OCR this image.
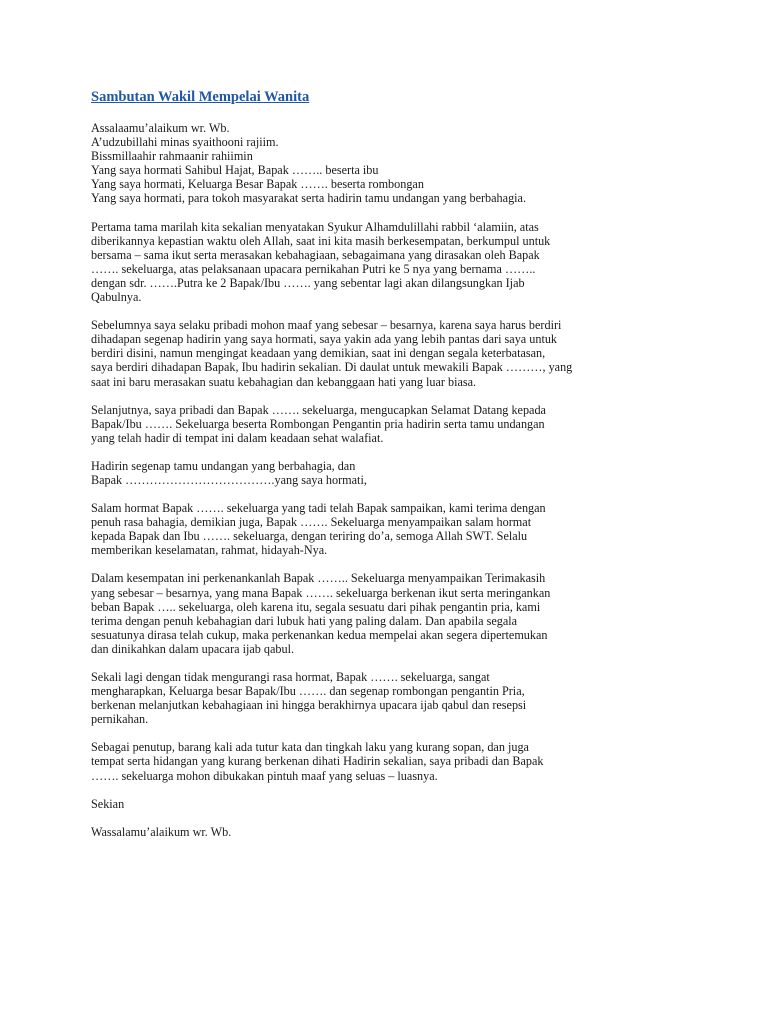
Sambutan Wakil Mempelai Wanita
Assalaamu’alaikum wr. Wb.
A’udzubillahi minas syaithooni rajiim.
Bissmillaahir rahmaanir rahiimin
Yang saya hormati Sahibul Hajat, Bapak …….. beserta ibu
Yang saya hormati, Keluarga Besar Bapak ……. beserta rombongan
Yang saya hormati, para tokoh masyarakat serta hadirin tamu undangan yang berbahagia.
Pertama tama marilah kita sekalian menyatakan Syukur Alhamdulillahi rabbil ‘alamiin, atas
diberikannya kepastian waktu oleh Allah, saat ini kita masih berkesempatan, berkumpul untuk
bersama – sama ikut serta merasakan kebahagiaan, sebagaimana yang dirasakan oleh Bapak
……. sekeluarga, atas pelaksanaan upacara pernikahan Putri ke 5 nya yang bernama ……..
dengan sdr. …….Putra ke 2 Bapak/Ibu ……. yang sebentar lagi akan dilangsungkan Ijab
Qabulnya.
Sebelumnya saya selaku pribadi mohon maaf yang sebesar – besarnya, karena saya harus berdiri
dihadapan segenap hadirin yang saya hormati, saya yakin ada yang lebih pantas dari saya untuk
berdiri disini, namun mengingat keadaan yang demikian, saat ini dengan segala keterbatasan,
saya berdiri dihadapan Bapak, Ibu hadirin sekalian. Di daulat untuk mewakili Bapak ………, yang
saat ini baru merasakan suatu kebahagian dan kebanggaan hati yang luar biasa.
Selanjutnya, saya pribadi dan Bapak ……. sekeluarga, mengucapkan Selamat Datang kepada
Bapak/Ibu ……. Sekeluarga beserta Rombongan Pengantin pria hadirin serta tamu undangan
yang telah hadir di tempat ini dalam keadaan sehat walafiat.
Hadirin segenap tamu undangan yang berbahagia, dan
Bapak ……………………………….yang saya hormati,
Salam hormat Bapak ……. sekeluarga yang tadi telah Bapak sampaikan, kami terima dengan
penuh rasa bahagia, demikian juga, Bapak ……. Sekeluarga menyampaikan salam hormat
kepada Bapak dan Ibu ……. sekeluarga, dengan teriring do’a, semoga Allah SWT. Selalu
memberikan keselamatan, rahmat, hidayah-Nya.
Dalam kesempatan ini perkenankanlah Bapak …….. Sekeluarga menyampaikan Terimakasih
yang sebesar – besarnya, yang mana Bapak ……. sekeluarga berkenan ikut serta meringankan
beban Bapak ….. sekeluarga, oleh karena itu, segala sesuatu dari pihak pengantin pria, kami
terima dengan penuh kebahagian dari lubuk hati yang paling dalam. Dan apabila segala
sesuatunya dirasa telah cukup, maka perkenankan kedua mempelai akan segera dipertemukan
dan dinikahkan dalam upacara ijab qabul.
Sekali lagi dengan tidak mengurangi rasa hormat, Bapak ……. sekeluarga, sangat
mengharapkan, Keluarga besar Bapak/Ibu ……. dan segenap rombongan pengantin Pria,
berkenan melanjutkan kebahagiaan ini hingga berakhirnya upacara ijab qabul dan resepsi
pernikahan.
Sebagai penutup, barang kali ada tutur kata dan tingkah laku yang kurang sopan, dan juga
tempat serta hidangan yang kurang berkenan dihati Hadirin sekalian, saya pribadi dan Bapak
……. sekeluarga mohon dibukakan pintuh maaf yang seluas – luasnya.
Sekian
Wassalamu’alaikum wr. Wb.
